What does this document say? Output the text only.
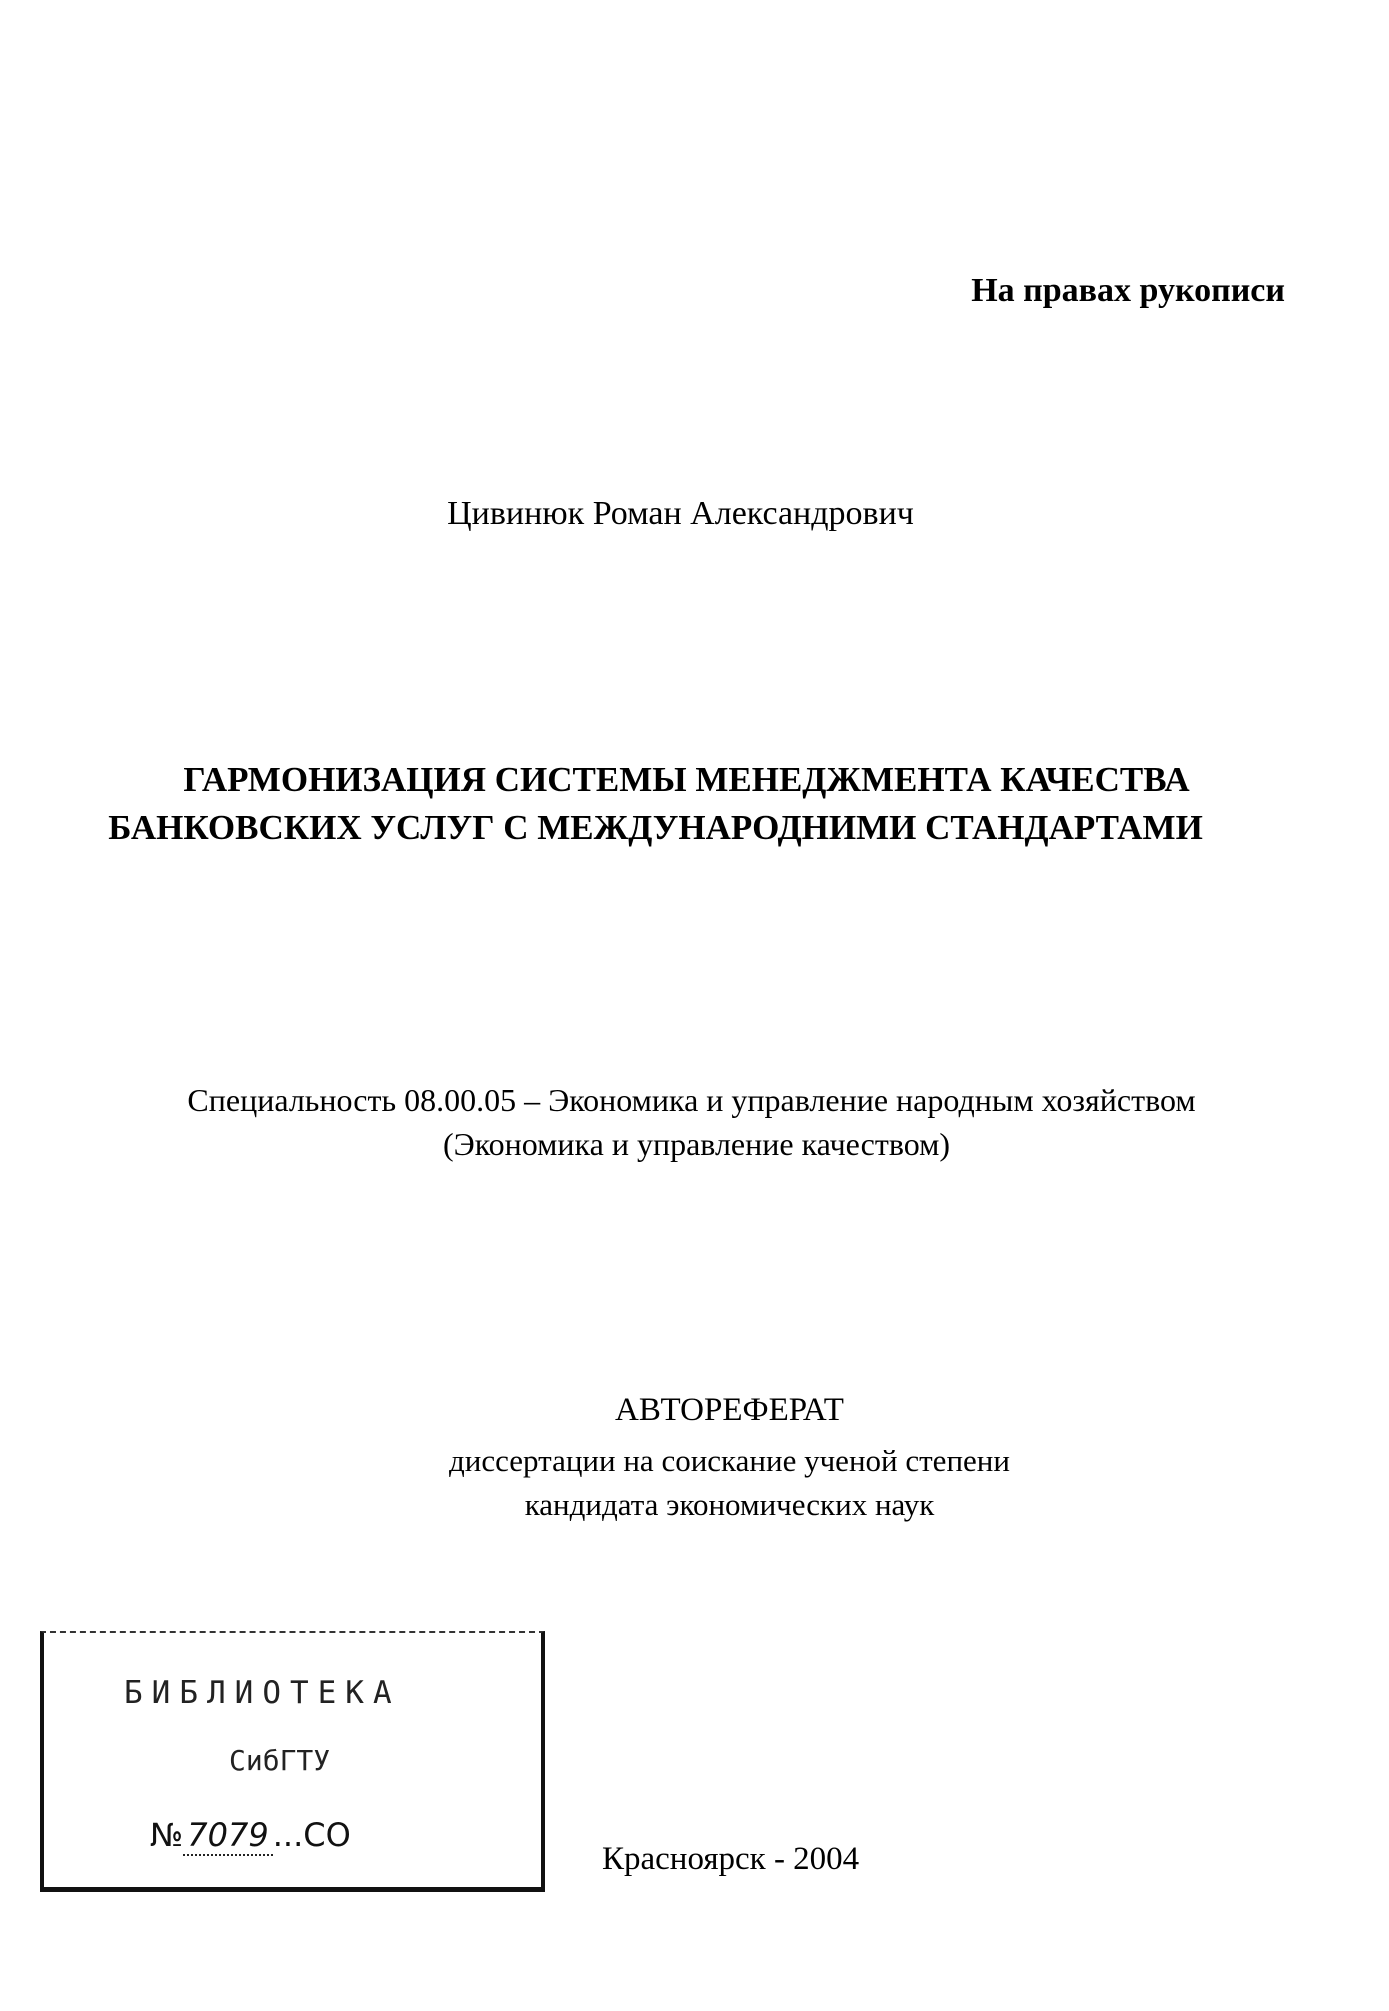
На правах рукописи
Цивинюк Роман Александрович
ГАРМОНИЗАЦИЯ СИСТЕМЫ МЕНЕДЖМЕНТА КАЧЕСТВА
БАНКОВСКИХ УСЛУГ С МЕЖДУНАРОДНИМИ СТАНДАРТАМИ
Специальность 08.00.05 – Экономика и управление народным хозяйством
(Экономика и управление качеством)
АВТОРЕФЕРАТ
диссертации на соискание ученой степени
кандидата экономических наук
БИБЛИОТЕКА
СибГТУ
№ 7079 ...СО
Красноярск - 2004
